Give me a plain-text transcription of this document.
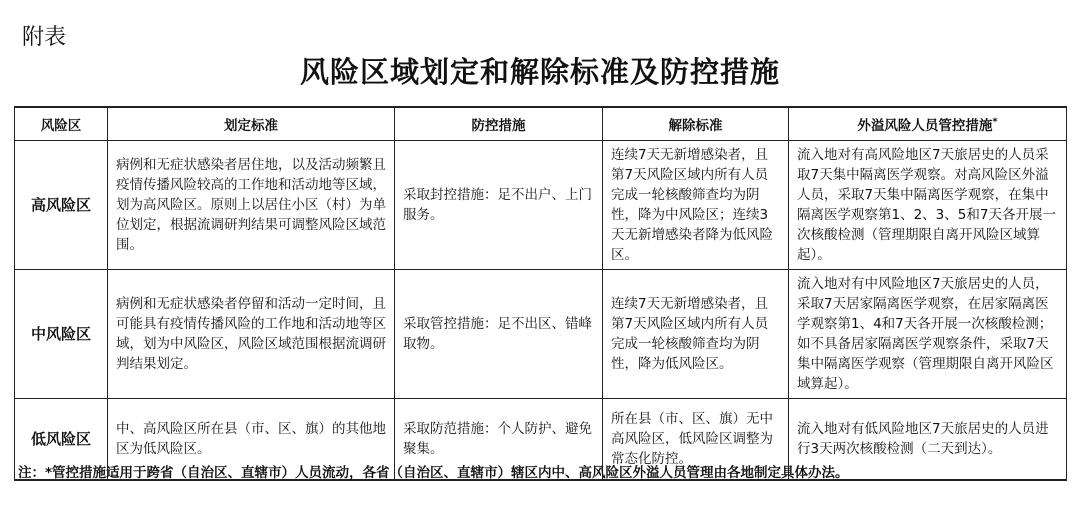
附表
风险区域划定和解除标准及防控措施
风险区	划定标准	防控措施	解除标准	外溢风险人员管控措施*
高风险区	病例和无症状感染者居住地，以及活动频繁且疫情传播风险较高的工作地和活动地等区域，划为高风险区。原则上以居住小区（村）为单位划定，根据流调研判结果可调整风险区域范围。	采取封控措施：足不出户、上门服务。	连续7天无新增感染者，且第7天风险区域内所有人员完成一轮核酸筛查均为阴性，降为中风险区；连续3天无新增感染者降为低风险区。	流入地对有高风险地区7天旅居史的人员采取7天集中隔离医学观察。对高风险区外溢人员，采取7天集中隔离医学观察，在集中隔离医学观察第1、2、3、5和7天各开展一次核酸检测（管理期限自离开风险区域算起）。
中风险区	病例和无症状感染者停留和活动一定时间，且可能具有疫情传播风险的工作地和活动地等区域，划为中风险区，风险区域范围根据流调研判结果划定。	采取管控措施：足不出区、错峰取物。	连续7天无新增感染者，且第7天风险区域内所有人员完成一轮核酸筛查均为阴性，降为低风险区。	流入地对有中风险地区7天旅居史的人员，采取7天居家隔离医学观察，在居家隔离医学观察第1、4和7天各开展一次核酸检测；如不具备居家隔离医学观察条件，采取7天集中隔离医学观察（管理期限自离开风险区域算起）。
低风险区	中、高风险区所在县（市、区、旗）的其他地区为低风险区。	采取防范措施：个人防护、避免聚集。	所在县（市、区、旗）无中高风险区，低风险区调整为常态化防控。	流入地对有低风险地区7天旅居史的人员进行3天两次核酸检测（二天到达）。
注：*管控措施适用于跨省（自治区、直辖市）人员流动，各省（自治区、直辖市）辖区内中、高风险区外溢人员管理由各地制定具体办法。
